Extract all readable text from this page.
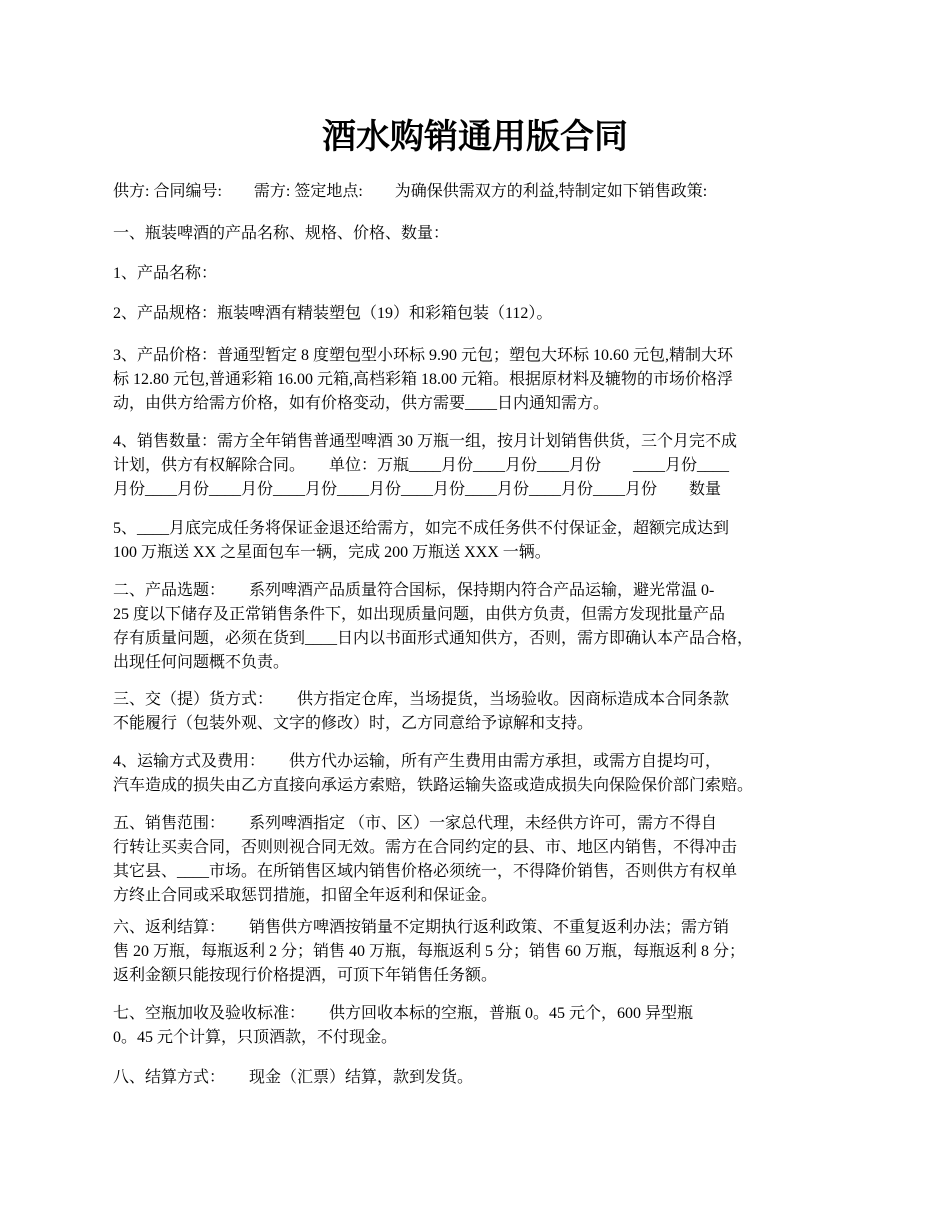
酒水购销通用版合同
供方: 合同编号:　　需方: 签定地点:　　为确保供需双方的利益,特制定如下销售政策:
一、瓶装啤酒的产品名称、规格、价格、数量：
1、产品名称：
2、产品规格：瓶装啤酒有精装塑包（19）和彩箱包装（112）。
3、产品价格：普通型暂定 8 度塑包型小环标 9.90 元包；塑包大环标 10.60 元包,精制大环
标 12.80 元包,普通彩箱 16.00 元箱,高档彩箱 18.00 元箱。根据原材料及辘物的市场价格浮
动，由供方给需方价格，如有价格变动，供方需要____日内通知需方。
4、销售数量：需方全年销售普通型啤酒 30 万瓶一组，按月计划销售供货，三个月完不成
计划，供方有权解除合同。　　单位：万瓶____月份____月份____月份　　____月份____
月份____月份____月份____月份____月份____月份____月份____月份____月份　　数量
5、____月底完成任务将保证金退还给需方，如完不成任务供不付保证金，超额完成达到
100 万瓶送 XX 之星面包车一辆，完成 200 万瓶送 XXX 一辆。
二、产品选题：　　系列啤酒产品质量符合国标，保持期内符合产品运输，避光常温 0-
25 度以下储存及正常销售条件下，如出现质量问题，由供方负责，但需方发现批量产品
存有质量问题，必须在货到____日内以书面形式通知供方，否则，需方即确认本产品合格，
出现任何问题概不负责。
三、交（提）货方式：　　供方指定仓库，当场提货，当场验收。因商标造成本合同条款
不能履行（包装外观、文字的修改）时，乙方同意给予谅解和支持。
4、运输方式及费用：　　供方代办运输，所有产生费用由需方承担，或需方自提均可，
汽车造成的损失由乙方直接向承运方索赔，铁路运输失盗或造成损失向保险保价部门索赔。
五、销售范围：　　系列啤酒指定 （市、区）一家总代理，未经供方许可，需方不得自
行转让买卖合同，否则则视合同无效。需方在合同约定的县、市、地区内销售，不得冲击
其它县、____市场。在所销售区域内销售价格必须统一，不得降价销售，否则供方有权单
方终止合同或采取惩罚措施，扣留全年返利和保证金。
六、返利结算：　　销售供方啤酒按销量不定期执行返利政策、不重复返利办法；需方销
售 20 万瓶，每瓶返利 2 分；销售 40 万瓶，每瓶返利 5 分；销售 60 万瓶，每瓶返利 8 分；
返利金额只能按现行价格提洒，可顶下年销售任务额。
七、空瓶加收及验收标准：　　供方回收本标的空瓶，普瓶 0。45 元个，600 异型瓶
0。45 元个计算，只顶酒款，不付现金。
八、结算方式：　　现金（汇票）结算，款到发货。
